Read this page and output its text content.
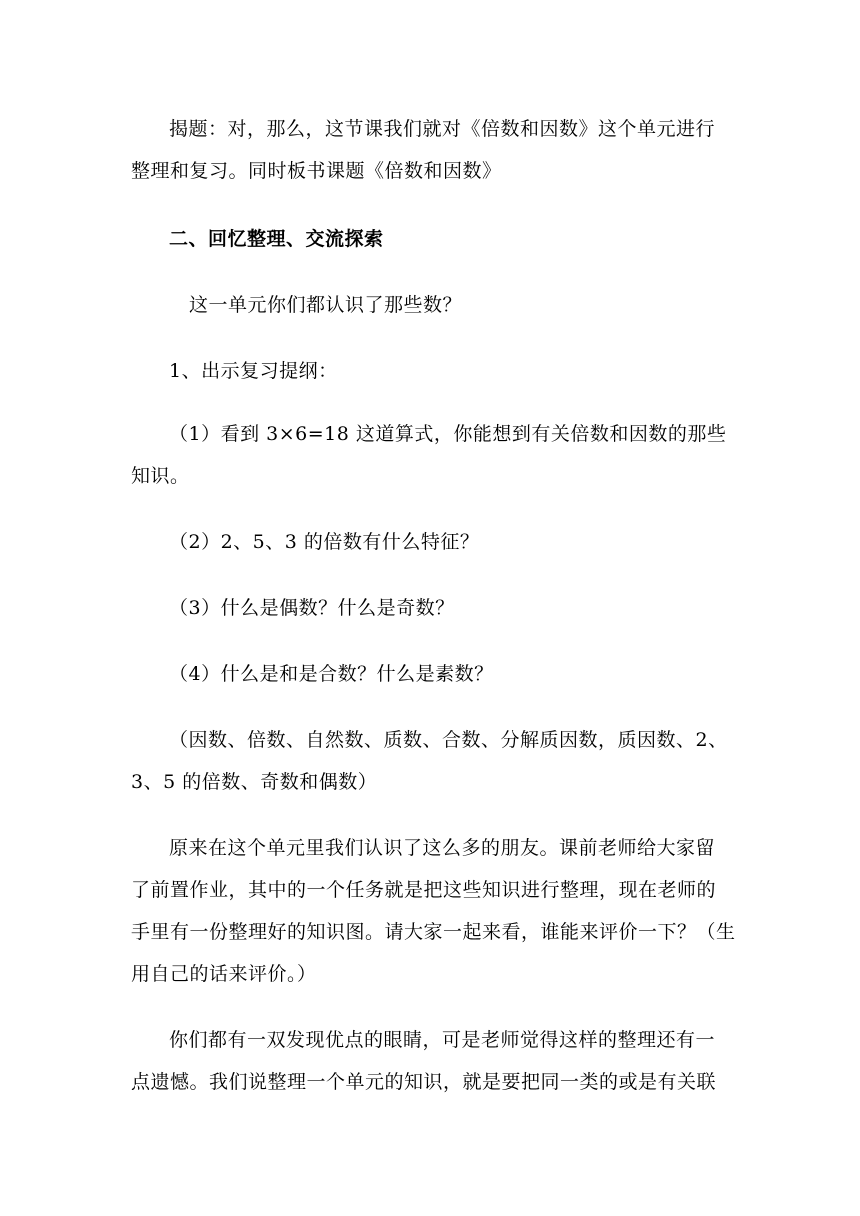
揭题：对，那么，这节课我们就对《倍数和因数》这个单元进行
整理和复习。同时板书课题《倍数和因数》
二、回忆整理、交流探索
这一单元你们都认识了那些数？
1、出示复习提纲：
（1）看到 3×6=18 这道算式，你能想到有关倍数和因数的那些
知识。
（2）2、5、3 的倍数有什么特征？
（3）什么是偶数？什么是奇数？
（4）什么是和是合数？什么是素数？
（因数、倍数、自然数、质数、合数、分解质因数，质因数、2、
3、5 的倍数、奇数和偶数）
原来在这个单元里我们认识了这么多的朋友。课前老师给大家留
了前置作业，其中的一个任务就是把这些知识进行整理，现在老师的
手里有一份整理好的知识图。请大家一起来看，谁能来评价一下？（生
用自己的话来评价。）
你们都有一双发现优点的眼睛，可是老师觉得这样的整理还有一
点遗憾。我们说整理一个单元的知识，就是要把同一类的或是有关联
